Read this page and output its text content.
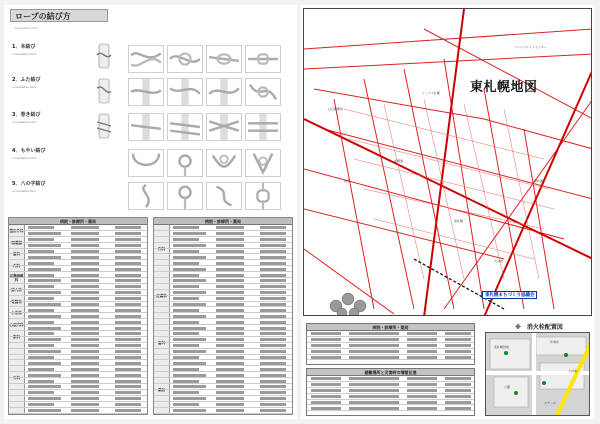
ロープの結び方
unreadable-text
1．本結び
unreadable-text
2．ふた結び
unreadable-text
3．巻き結び
unreadable-text
4．もやい結び
unreadable-text
5．八の字結び
unreadable-text
病院・診療所・薬局
整形外科
循環器
歯科
内科
耳鼻咽喉科
婦人科
胃腸科
小児科
心療内科
眼科
外科
病院・診療所・薬局
内科
皮膚科
歯科
薬局
東札幌地図
コンベンションセンター
白石郵便局
イーアス札幌
東札幌
南郷通
大谷地
菊水	環状通
東札幌まちづくり協議会
病院・診療所・薬局
避難場所と災害時の情報伝達
※　消火栓配置図
作業所
東札幌団地
公園
大谷地
ステージ
